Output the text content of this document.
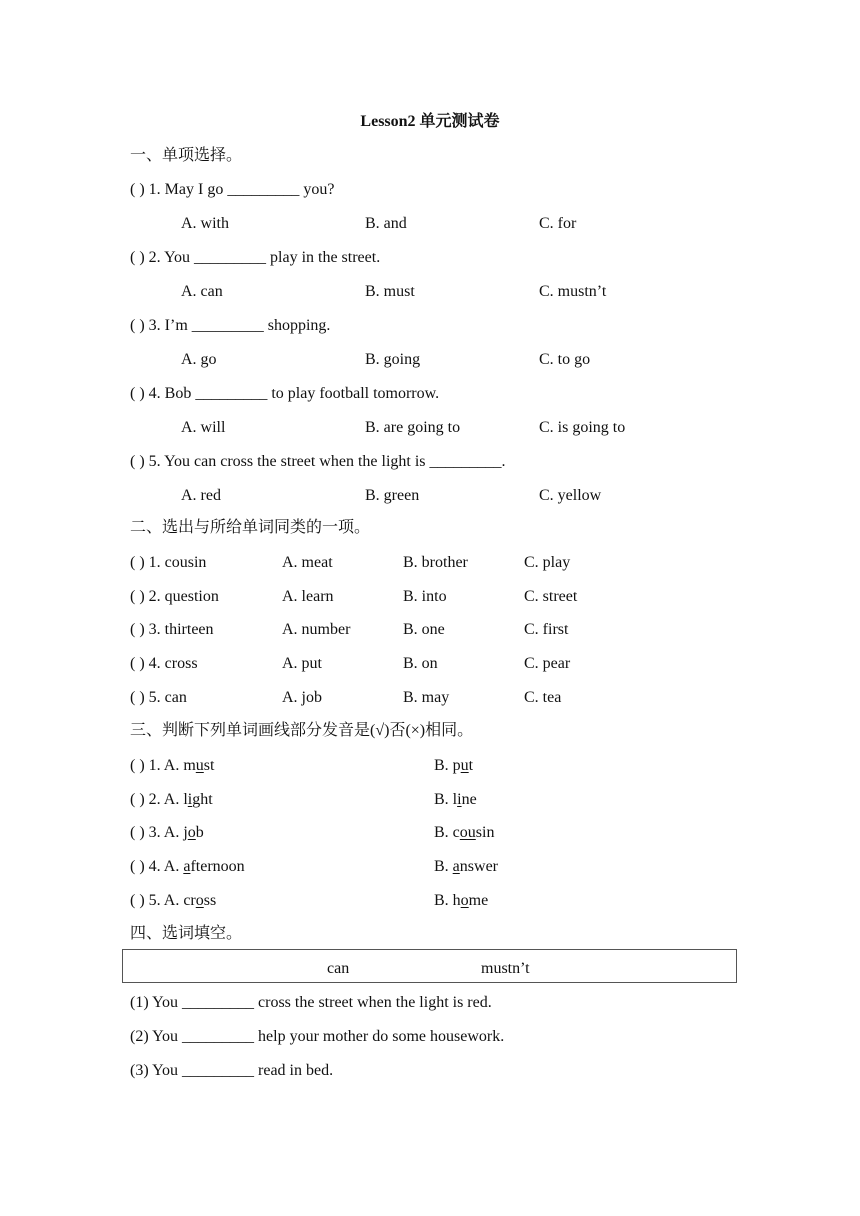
Lesson2 单元测试卷
一、单项选择。
( ) 1. May I go _________ you?
A. with	B. and	C. for
( ) 2. You _________ play in the street.
A. can	B. must	C. mustn’t
( ) 3. I’m _________ shopping.
A. go	B. going	C. to go
( ) 4. Bob _________ to play football tomorrow.
A. will	B. are going to	C. is going to
( ) 5. You can cross the street when the light is _________.
A. red	B. green	C. yellow
二、选出与所给单词同类的一项。
( ) 1. cousin	A. meat	B. brother	C. play
( ) 2. question	A. learn	B. into	C. street
( ) 3. thirteen	A. number	B. one	C. first
( ) 4. cross	A. put	B. on	C. pear
( ) 5. can	A. job	B. may	C. tea
三、判断下列单词画线部分发音是(√)否(×)相同。
( ) 1. A. must	B. put
( ) 2. A. light	B. line
( ) 3. A. job	B. cousin
( ) 4. A. afternoon	B. answer
( ) 5. A. cross	B. home
四、选词填空。
can	mustn’t
(1) You _________ cross the street when the light is red.
(2) You _________ help your mother do some housework.
(3) You _________ read in bed.
